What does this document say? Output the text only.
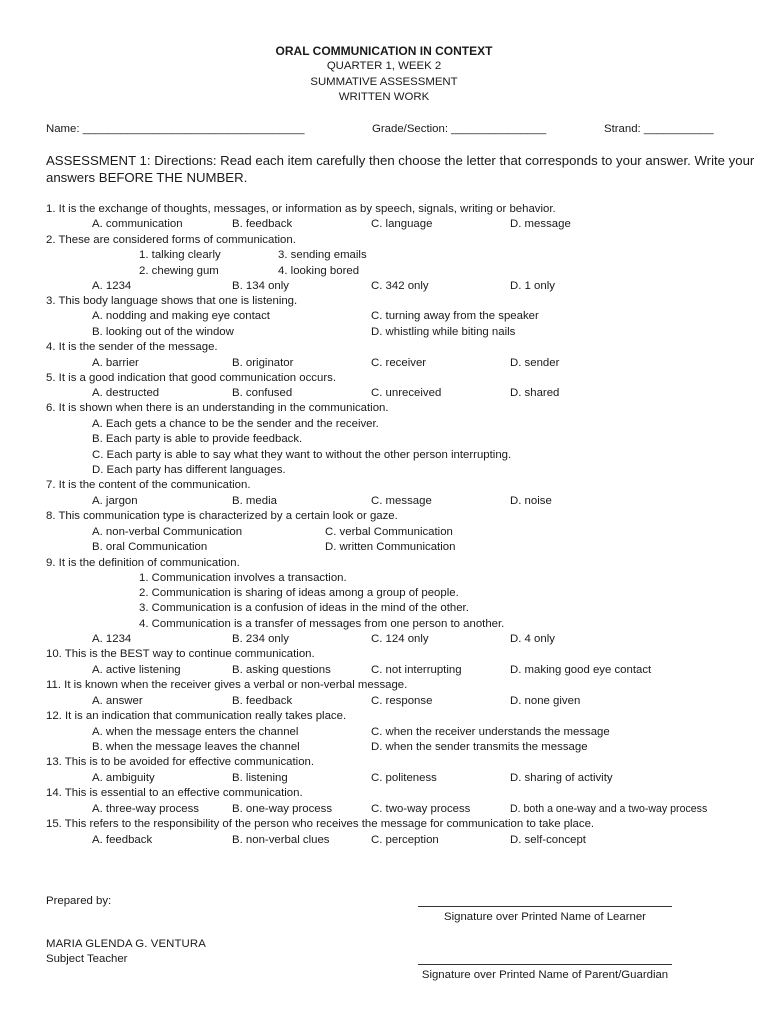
ORAL COMMUNICATION IN CONTEXT
QUARTER 1, WEEK 2
SUMMATIVE ASSESSMENT
WRITTEN WORK
Name: ___________________________________	Grade/Section: _______________	Strand: ___________
ASSESSMENT 1: Directions: Read each item carefully then choose the letter that corresponds to your answer. Write your
answers BEFORE THE NUMBER.
1. It is the exchange of thoughts, messages, or information as by speech, signals, writing or behavior.
A. communication	B. feedback	C. language	D. message
2. These are considered forms of communication.
1. talking clearly	3. sending emails
2. chewing gum	4. looking bored
A. 1234	B. 134 only	C. 342 only	D. 1 only
3. This body language shows that one is listening.
A. nodding and making eye contact	C. turning away from the speaker
B. looking out of the window	D. whistling while biting nails
4. It is the sender of the message.
A. barrier	B. originator	C. receiver	D. sender
5. It is a good indication that good communication occurs.
A. destructed	B. confused	C. unreceived	D. shared
6. It is shown when there is an understanding in the communication.
A. Each gets a chance to be the sender and the receiver.
B. Each party is able to provide feedback.
C. Each party is able to say what they want to without the other person interrupting.
D. Each party has different languages.
7. It is the content of the communication.
A. jargon	B. media	C. message	D. noise
8. This communication type is characterized by a certain look or gaze.
A. non-verbal Communication	C. verbal Communication
B. oral Communication	D. written Communication
9. It is the definition of communication.
1. Communication involves a transaction.
2. Communication is sharing of ideas among a group of people.
3. Communication is a confusion of ideas in the mind of the other.
4. Communication is a transfer of messages from one person to another.
A. 1234	B. 234 only	C. 124 only	D. 4 only
10. This is the BEST way to continue communication.
A. active listening	B. asking questions	C. not interrupting	D. making good eye contact
11. It is known when the receiver gives a verbal or non-verbal message.
A. answer	B. feedback	C. response	D. none given
12. It is an indication that communication really takes place.
A. when the message enters the channel	C. when the receiver understands the message
B. when the message leaves the channel	D. when the sender transmits the message
13. This is to be avoided for effective communication.
A. ambiguity	B. listening	C. politeness	D. sharing of activity
14. This is essential to an effective communication.
A. three-way process	B. one-way process	C. two-way process	D. both a one-way and a two-way process
15. This refers to the responsibility of the person who receives the message for communication to take place.
A. feedback	B. non-verbal clues	C. perception	D. self-concept
Prepared by:
Signature over Printed Name of Learner
MARIA GLENDA G. VENTURA
Subject Teacher
Signature over Printed Name of Parent/Guardian
